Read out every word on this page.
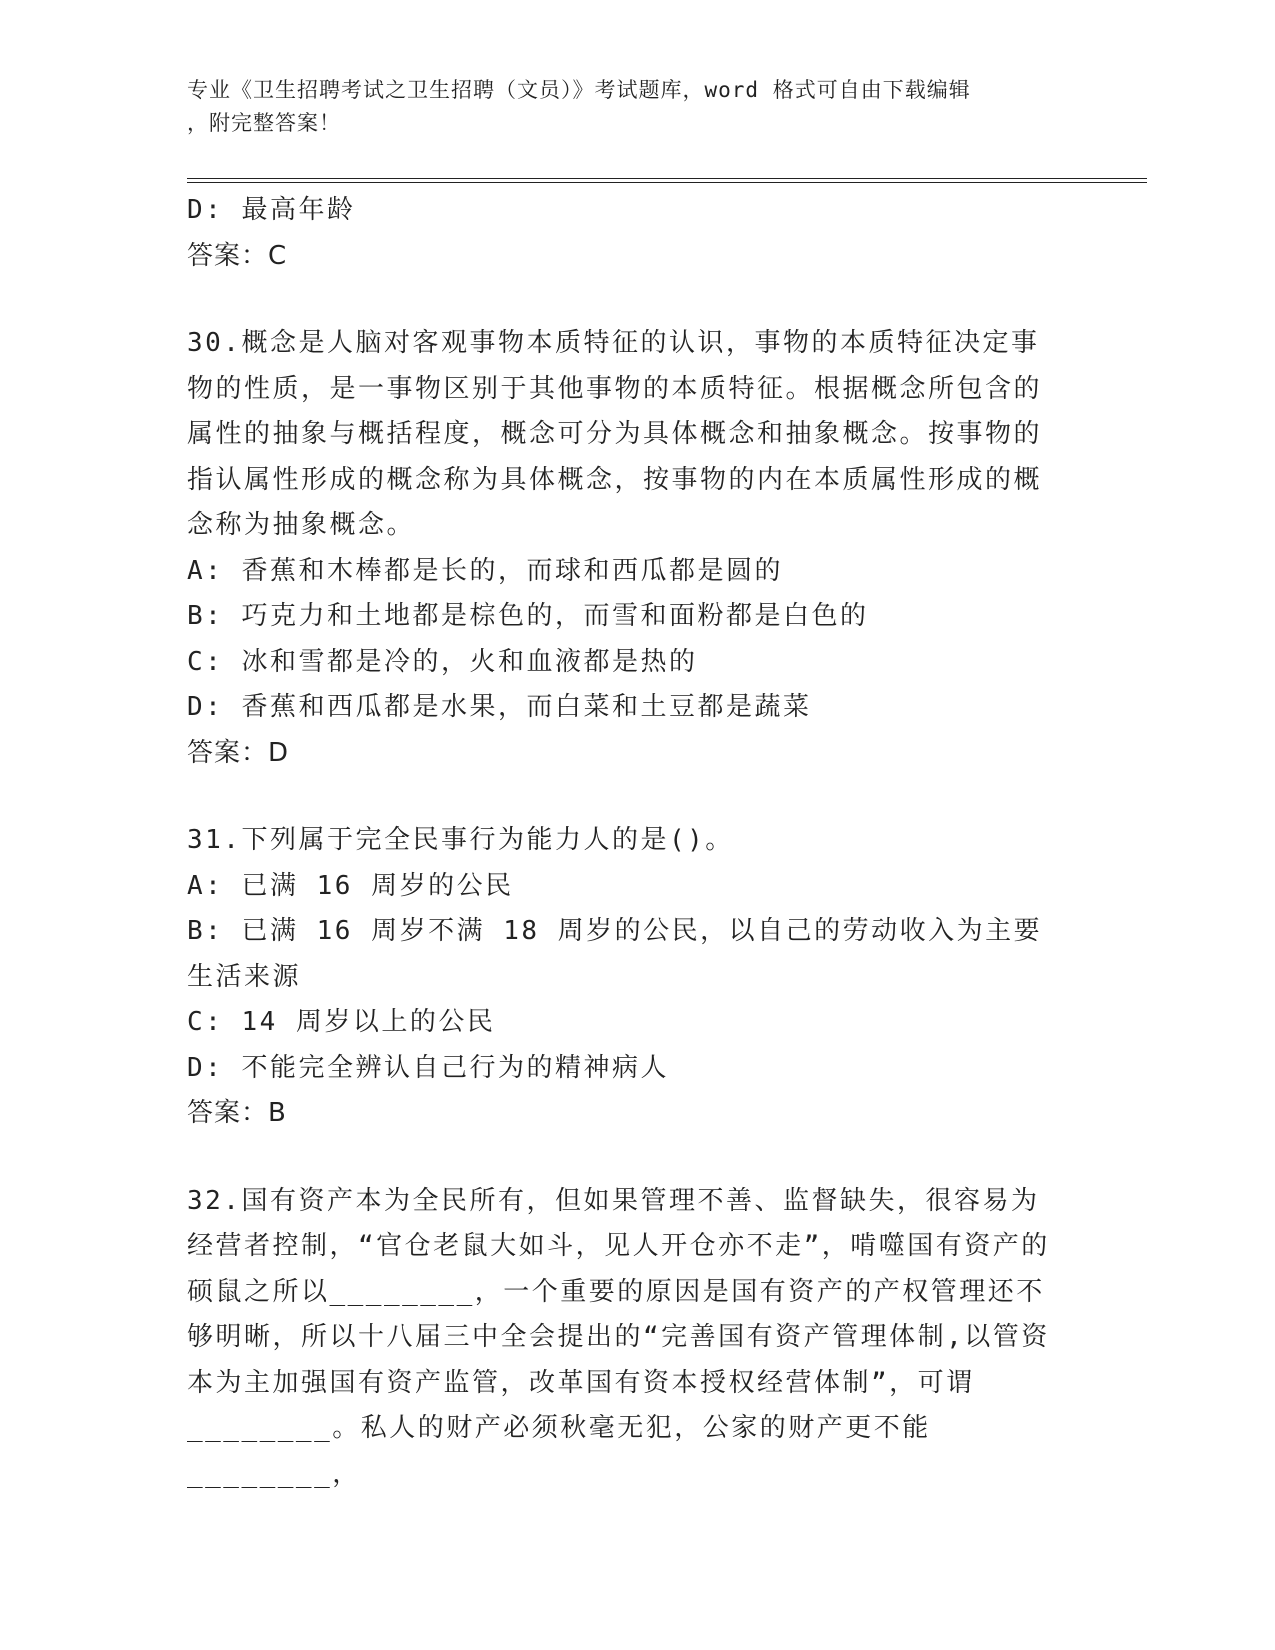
专业《卫生招聘考试之卫生招聘（文员）》考试题库，word 格式可自由下载编辑
，附完整答案！
D: 最高年龄
答案：C

30.概念是人脑对客观事物本质特征的认识，事物的本质特征决定事物的性质，是一事物区别于其他事物的本质特征。根据概念所包含的属性的抽象与概括程度，概念可分为具体概念和抽象概念。按事物的指认属性形成的概念称为具体概念，按事物的内在本质属性形成的概念称为抽象概念。

A: 香蕉和木棒都是长的，而球和西瓜都是圆的
B: 巧克力和土地都是棕色的，而雪和面粉都是白色的
C: 冰和雪都是冷的，火和血液都是热的
D: 香蕉和西瓜都是水果，而白菜和土豆都是蔬菜
答案：D

31.下列属于完全民事行为能力人的是()。

A: 已满 16 周岁的公民
B: 已满 16 周岁不满 18 周岁的公民，以自己的劳动收入为主要生活来源
C: 14 周岁以上的公民
D: 不能完全辨认自己行为的精神病人
答案：B

32.国有资产本为全民所有，但如果管理不善、监督缺失，很容易为经营者控制，“官仓老鼠大如斗，见人开仓亦不走”，啃噬国有资产的硕鼠之所以________，一个重要的原因是国有资产的产权管理还不够明晰，所以十八届三中全会提出的“完善国有资产管理体制,以管资本为主加强国有资产监管，改革国有资本授权经营体制”，可谓________。私人的财产必须秋毫无犯，公家的财产更不能________，
